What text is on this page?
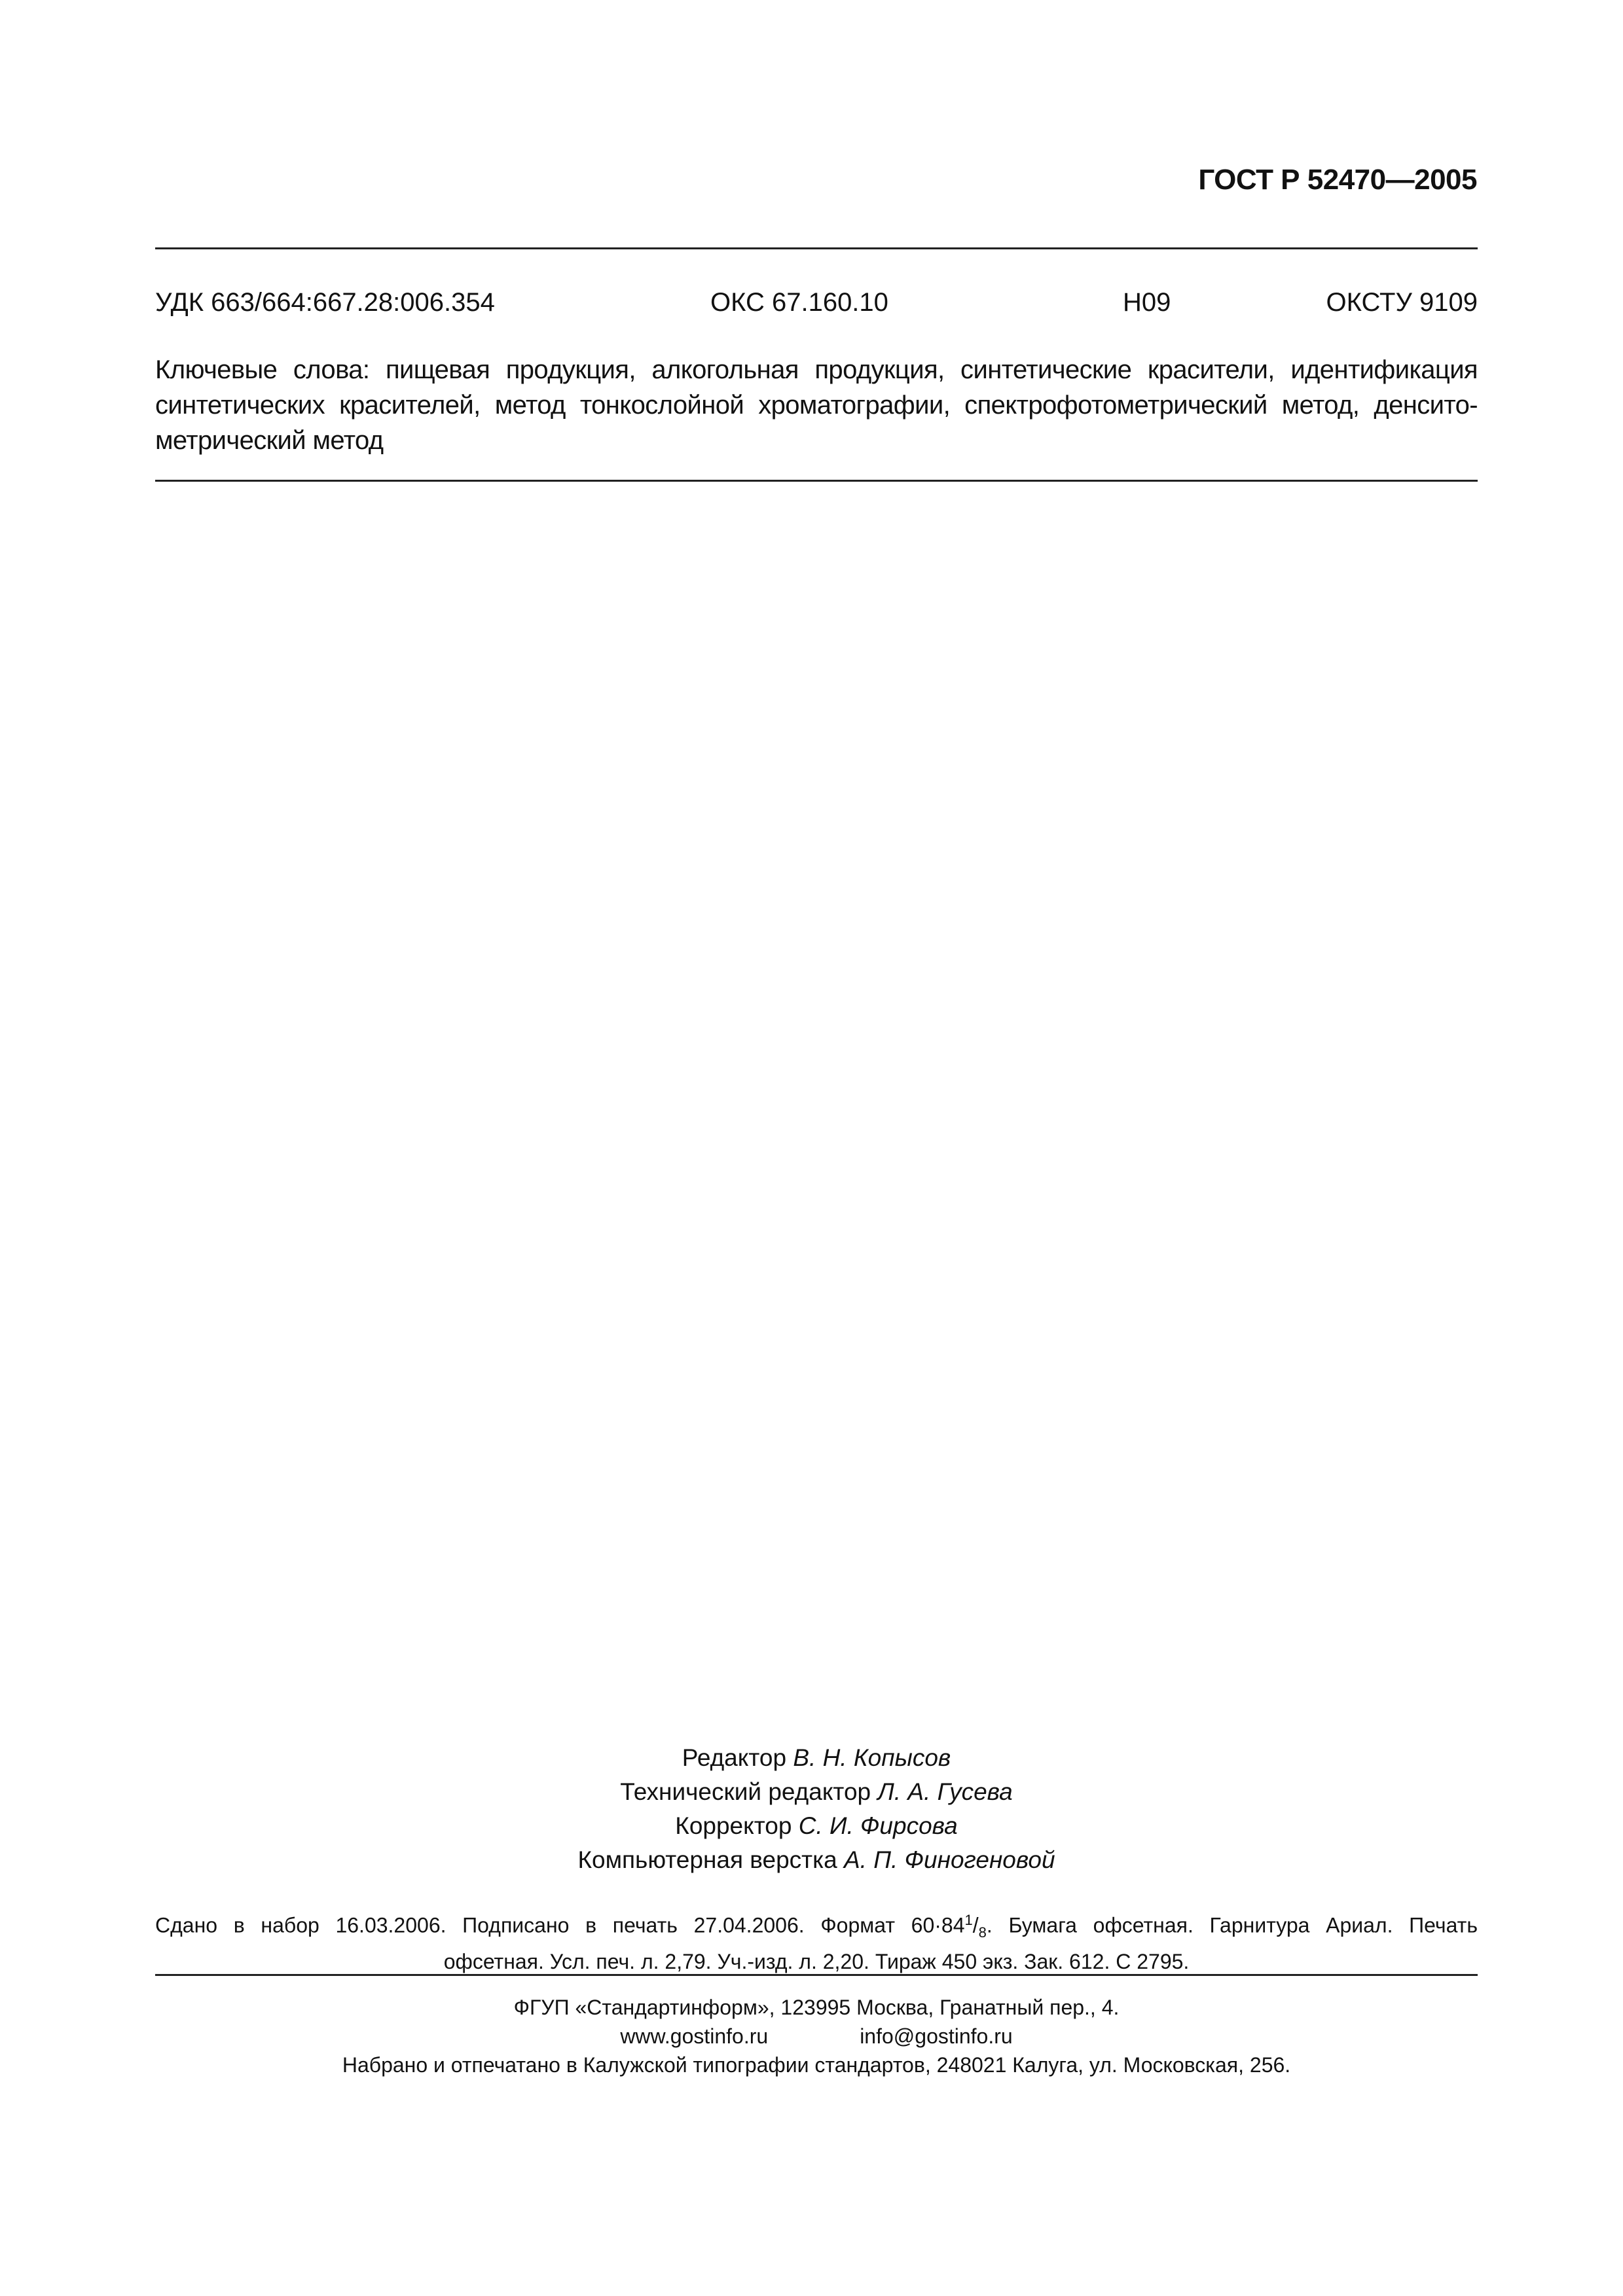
ГОСТ Р 52470—2005
УДК 663/664:667.28:006.354	ОКС 67.160.10	Н09	ОКСТУ 9109
Ключевые слова: пищевая продукция, алкогольная продукция, синтетические красители, идентификация синтетических красителей, метод тонкослойной хроматографии, спектрофотометрический метод, денсито-метрический метод
Редактор В. Н. Копысов
Технический редактор Л. А. Гусева
Корректор С. И. Фирсова
Компьютерная верстка А. П. Финогеновой
Сдано в набор 16.03.2006. Подписано в печать 27.04.2006. Формат $60\cdot 84^1/_8$. Бумага офсетная. Гарнитура Ариал. Печать
офсетная. Усл. печ. л. 2,79. Уч.-изд. л. 2,20. Тираж 450 экз. Зак. 612. С 2795.
ФГУП «Стандартинформ», 123995 Москва, Гранатный пер., 4.
www.gostinfo.ru	info@gostinfo.ru
Набрано и отпечатано в Калужской типографии стандартов, 248021 Калуга, ул. Московская, 256.
